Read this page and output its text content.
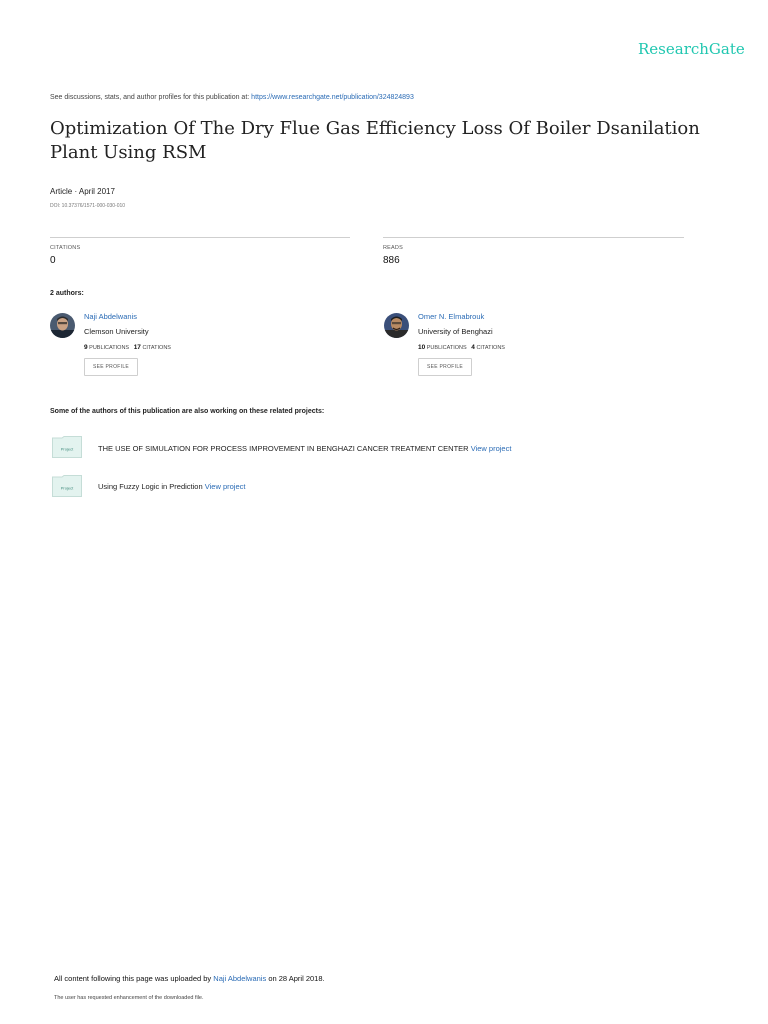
ResearchGate
See discussions, stats, and author profiles for this publication at: https://www.researchgate.net/publication/324824893
Optimization Of The Dry Flue Gas Efficiency Loss Of Boiler Dsanilation Plant Using RSM
Article · April 2017
DOI: 10.37376/1571-000-030-010
CITATIONS
0
READS
886
2 authors:
Naji Abdelwanis
Clemson University
9 PUBLICATIONS 17 CITATIONS
SEE PROFILE
Omer N. Elmabrouk
University of Benghazi
10 PUBLICATIONS 4 CITATIONS
SEE PROFILE
Some of the authors of this publication are also working on these related projects:
Project	THE USE OF SIMULATION FOR PROCESS IMPROVEMENT IN BENGHAZI CANCER TREATMENT CENTER View project
Project	Using Fuzzy Logic in Prediction View project
All content following this page was uploaded by Naji Abdelwanis on 28 April 2018.
The user has requested enhancement of the downloaded file.
